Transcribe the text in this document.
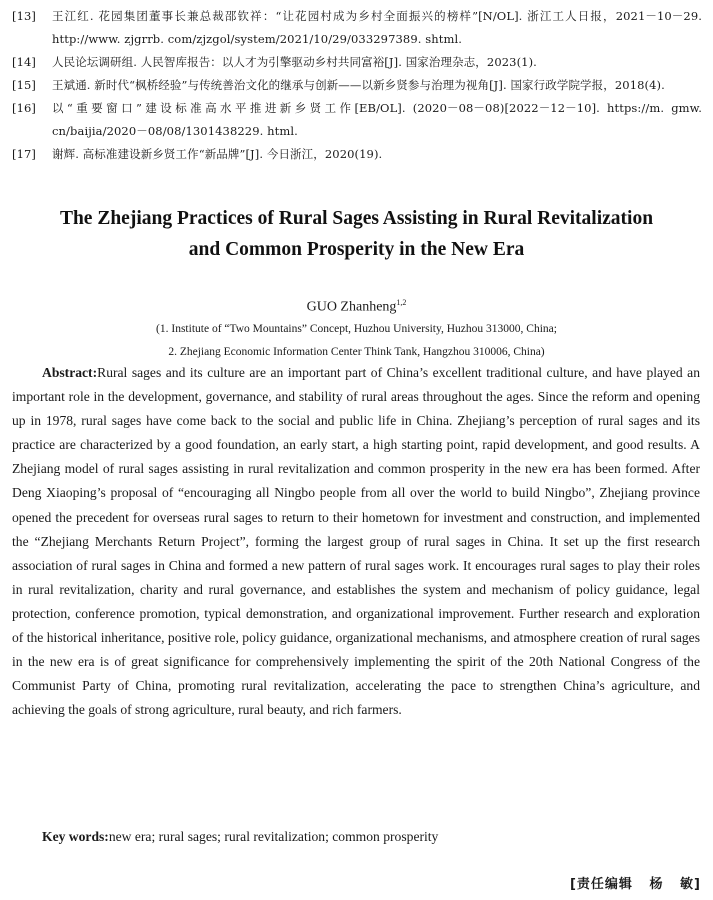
[13]	王江红. 花园集团董事长兼总裁邵钦祥：“让花园村成为乡村全面振兴的榜样”[N/OL]. 浙江工人日报，2021－10－29. http://www. zjgrrb. com/zjzgol/system/2021/10/29/033297389. shtml.
[14]	人民论坛调研组. 人民智库报告：以人才为引擎驱动乡村共同富裕[J]. 国家治理杂志，2023(1).
[15]	王斌通. 新时代“枫桥经验”与传统善治文化的继承与创新——以新乡贤参与治理为视角[J]. 国家行政学院学报，2018(4).
[16]	以“重要窗口”建设标准高水平推进新乡贤工作[EB/OL]. (2020－08－08)[2022－12－10]. https://m. gmw. cn/baijia/2020－08/08/1301438229. html.
[17]	谢辉. 高标准建设新乡贤工作“新品牌”[J]. 今日浙江，2020(19).
The Zhejiang Practices of Rural Sages Assisting in Rural Revitalization
and Common Prosperity in the New Era
GUO Zhanheng$^{1,2}$
(1. Institute of “Two Mountains” Concept, Huzhou University, Huzhou 313000, China;
2. Zhejiang Economic Information Center Think Tank, Hangzhou 310006, China)

Abstract:Rural sages and its culture are an important part of China’s excellent traditional culture, and have played an important role in the development, governance, and stability of rural areas throughout the ages. Since the reform and opening up in 1978, rural sages have come back to the social and public life in China. Zhejiang’s perception of rural sages and its practice are characterized by a good foundation, an early start, a high starting point, rapid development, and good results. A Zhejiang model of rural sages assisting in rural revitalization and common prosperity in the new era has been formed. After Deng Xiaoping’s proposal of “encouraging all Ningbo people from all over the world to build Ningbo”, Zhejiang province opened the precedent for overseas rural sages to return to their hometown for investment and construction, and implemented the “Zhejiang Merchants Return Project”, forming the largest group of rural sages in China. It set up the first research association of rural sages in China and formed a new pattern of rural sages work. It encourages rural sages to play their roles in rural revitalization, charity and rural governance, and establishes the system and mechanism of policy guidance, legal protection, conference promotion, typical demonstration, and organizational improvement. Further research and exploration of the historical inheritance, positive role, policy guidance, organizational mechanisms, and atmosphere creation of rural sages in the new era is of great significance for comprehensively implementing the spirit of the 20th National Congress of the Communist Party of China, promoting rural revitalization, accelerating the pace to strengthen China’s agriculture, and achieving the goals of strong agriculture, rural beauty, and rich farmers.

Key words:new era; rural sages; rural revitalization; common prosperity
[责任编辑   杨   敏]
